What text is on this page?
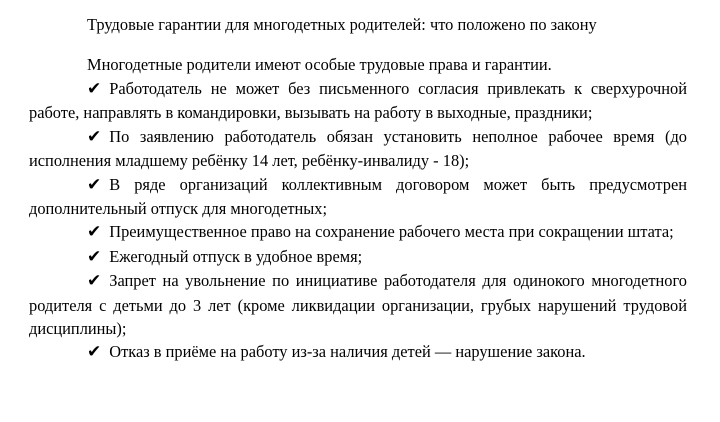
Трудовые гарантии для многодетных родителей: что положено по закону

Многодетные родители имеют особые трудовые права и гарантии.

✔ Работодатель не может без письменного согласия привлекать к сверхурочной работе, направлять в командировки, вызывать на работу в выходные, праздники;
✔ По заявлению работодатель обязан установить неполное рабочее время (до исполнения младшему ребёнку 14 лет, ребёнку-инвалиду - 18);
✔ В ряде организаций коллективным договором может быть предусмотрен дополнительный отпуск для многодетных;
✔ Преимущественное право на сохранение рабочего места при сокращении штата;
✔ Ежегодный отпуск в удобное время;
✔ Запрет на увольнение по инициативе работодателя для одинокого многодетного родителя с детьми до 3 лет (кроме ликвидации организации, грубых нарушений трудовой дисциплины);
✔ Отказ в приёме на работу из-за наличия детей — нарушение закона.
